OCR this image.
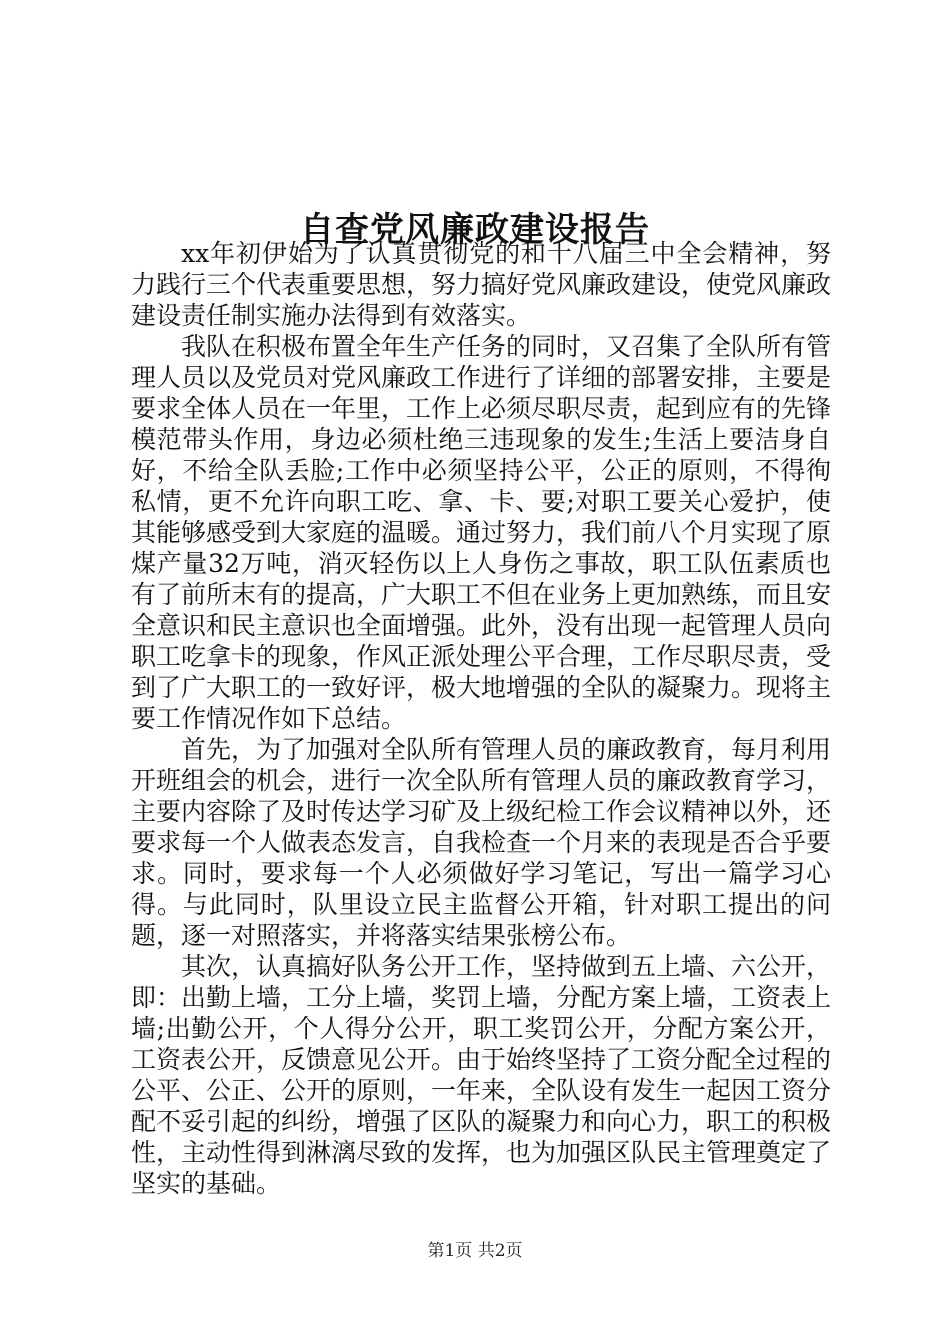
自查党风廉政建设报告

xx年初伊始为了认真贯彻党的和十八届三中全会精神，努力践行三个代表重要思想，努力搞好党风廉政建设，使党风廉政建设责任制实施办法得到有效落实。

我队在积极布置全年生产任务的同时，又召集了全队所有管理人员以及党员对党风廉政工作进行了详细的部署安排，主要是要求全体人员在一年里，工作上必须尽职尽责，起到应有的先锋模范带头作用，身边必须杜绝三违现象的发生;生活上要洁身自好，不给全队丢脸;工作中必须坚持公平，公正的原则，不得徇私情，更不允许向职工吃、拿、卡、要;对职工要关心爱护，使其能够感受到大家庭的温暖。通过努力，我们前八个月实现了原煤产量32万吨，消灭轻伤以上人身伤之事故，职工队伍素质也有了前所末有的提高，广大职工不但在业务上更加熟练，而且安全意识和民主意识也全面增强。此外，没有出现一起管理人员向职工吃拿卡的现象，作风正派处理公平合理，工作尽职尽责，受到了广大职工的一致好评，极大地增强的全队的凝聚力。现将主要工作情况作如下总结。

首先，为了加强对全队所有管理人员的廉政教育，每月利用开班组会的机会，进行一次全队所有管理人员的廉政教育学习，主要内容除了及时传达学习矿及上级纪检工作会议精神以外，还要求每一个人做表态发言，自我检查一个月来的表现是否合乎要求。同时，要求每一个人必须做好学习笔记，写出一篇学习心得。与此同时，队里设立民主监督公开箱，针对职工提出的问题，逐一对照落实，并将落实结果张榜公布。

其次，认真搞好队务公开工作，坚持做到五上墙、六公开，即：出勤上墙，工分上墙，奖罚上墙，分配方案上墙，工资表上墙;出勤公开，个人得分公开，职工奖罚公开，分配方案公开，工资表公开，反馈意见公开。由于始终坚持了工资分配全过程的公平、公正、公开的原则，一年来，全队设有发生一起因工资分配不妥引起的纠纷，增强了区队的凝聚力和向心力，职工的积极性，主动性得到淋漓尽致的发挥，也为加强区队民主管理奠定了坚实的基础。

第1页 共2页
